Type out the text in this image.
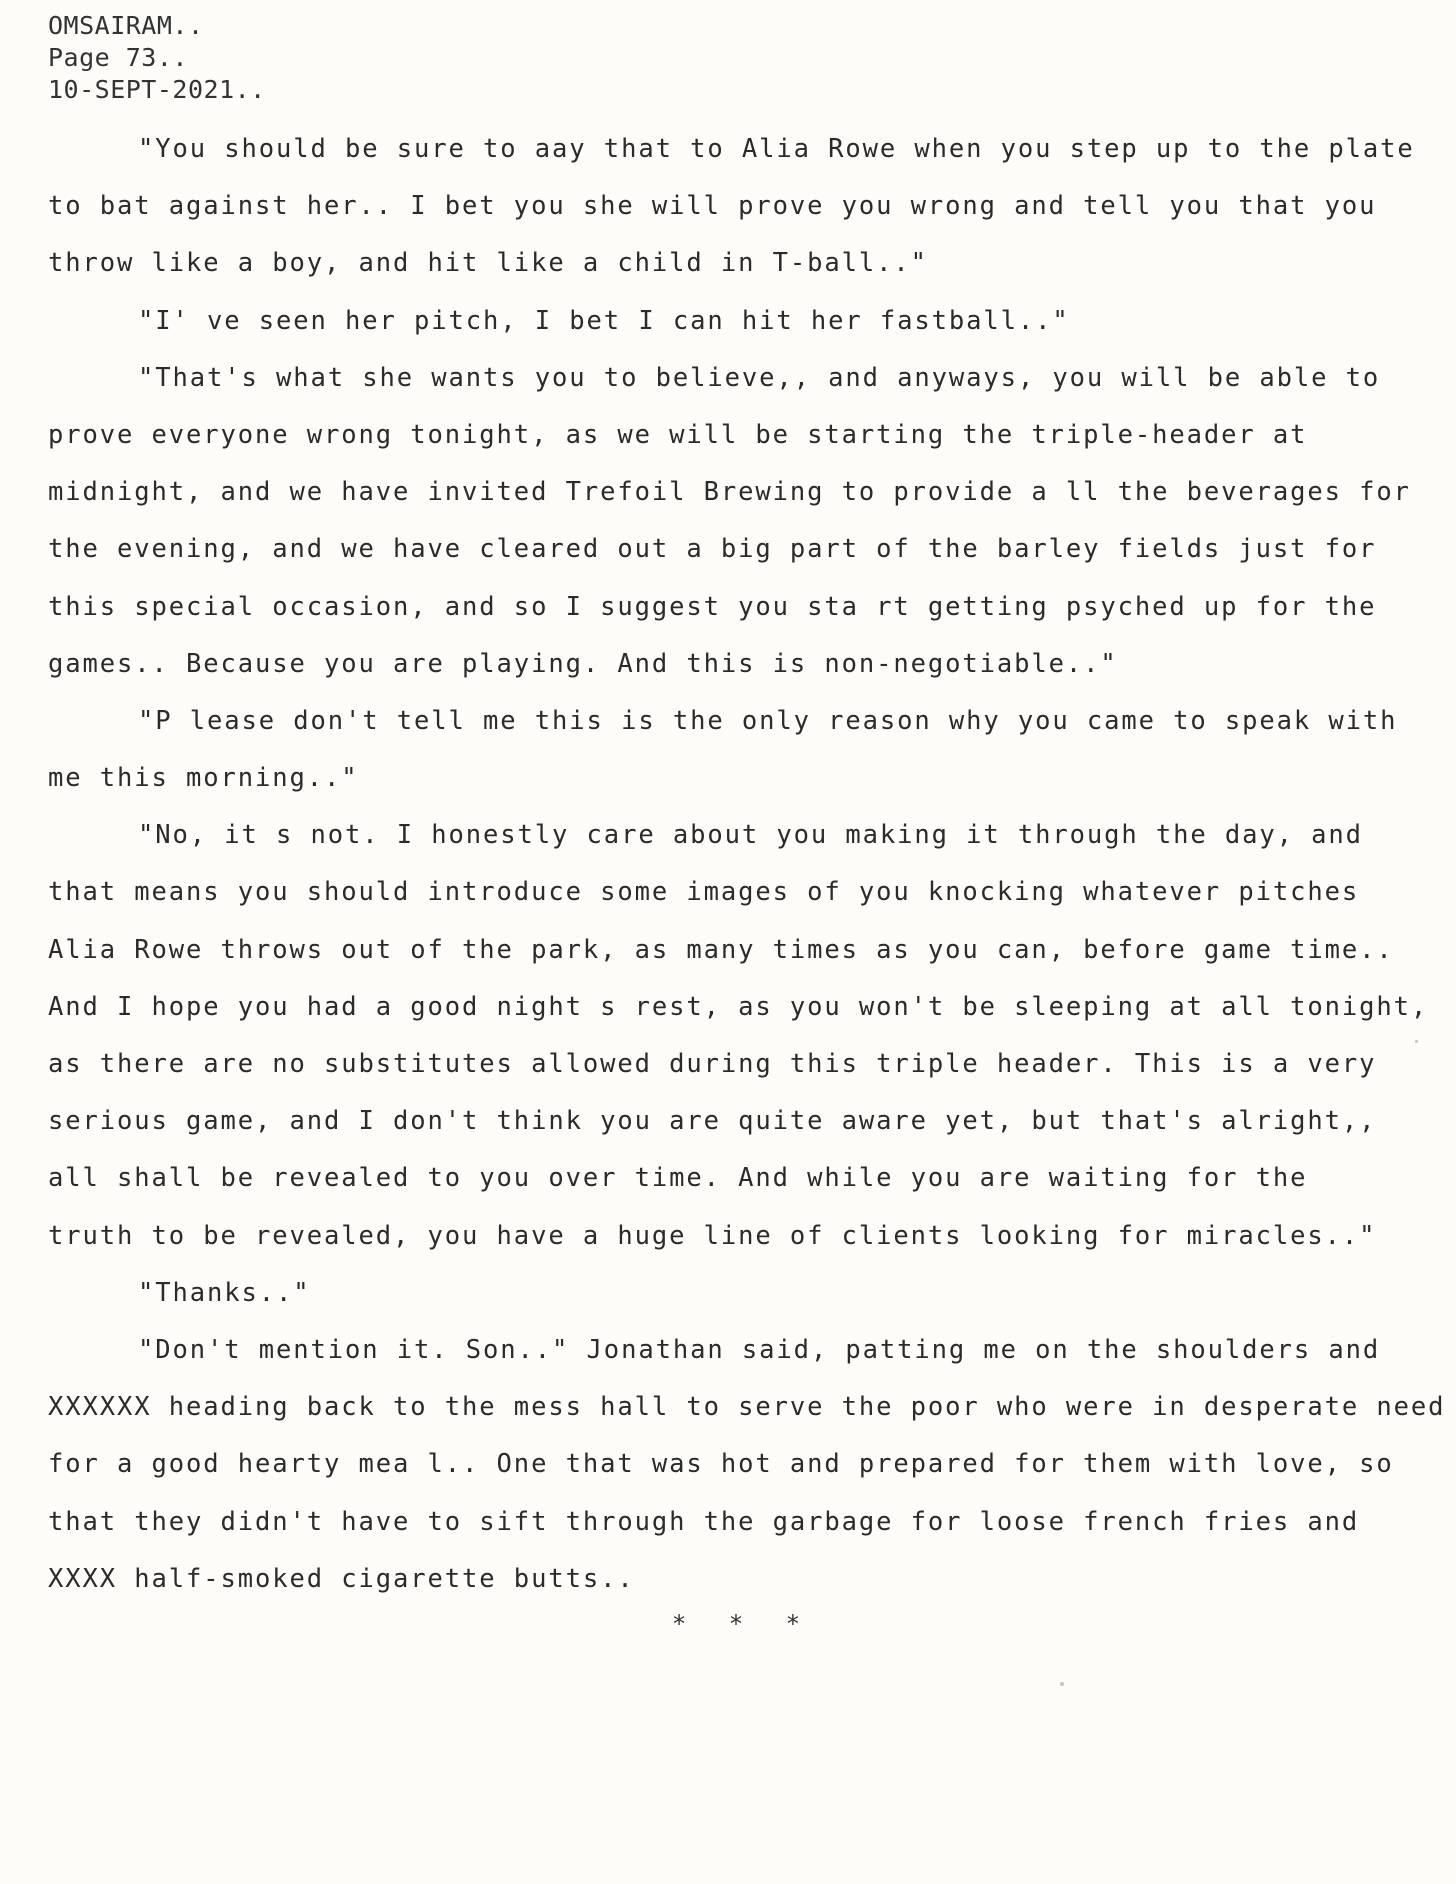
OMSAIRAM..
Page 73..
10-SEPT-2021..
"You should be sure to aay that to Alia Rowe when you step up to the plate
to bat against her.. I bet you she will prove you wrong and tell you that you
throw like a boy, and hit like a child in T-ball.."
"I' ve seen her pitch, I bet I can hit her fastball.."
"That's what she wants you to believe,, and anyways, you will be able to
prove everyone wrong tonight, as we will be starting the triple-header at
midnight, and we have invited Trefoil Brewing to provide a ll the beverages for
the evening, and we have cleared out a big part of the barley fields just for
this special occasion, and so I suggest you sta rt getting psyched up for the
games.. Because you are playing. And this is non-negotiable.."
"P lease don't tell me this is the only reason why you came to speak with
me this morning.."
"No, it s not. I honestly care about you making it through the day, and
that means you should introduce some images of you knocking whatever pitches
Alia Rowe throws out of the park, as many times as you can, before game time..
And I hope you had a good night s rest, as you won't be sleeping at all tonight,
as there are no substitutes allowed during this triple header. This is a very
serious game, and I don't think you are quite aware yet, but that's alright,,
all shall be revealed to you over time. And while you are waiting for the
truth to be revealed, you have a huge line of clients looking for miracles.."
"Thanks.."
"Don't mention it. Son.." Jonathan said, patting me on the shoulders and
XXXXXX heading back to the mess hall to serve the poor who were in desperate need
for a good hearty mea l.. One that was hot and prepared for them with love, so
that they didn't have to sift through the garbage for loose french fries and
XXXX half-smoked cigarette butts..
* * *
